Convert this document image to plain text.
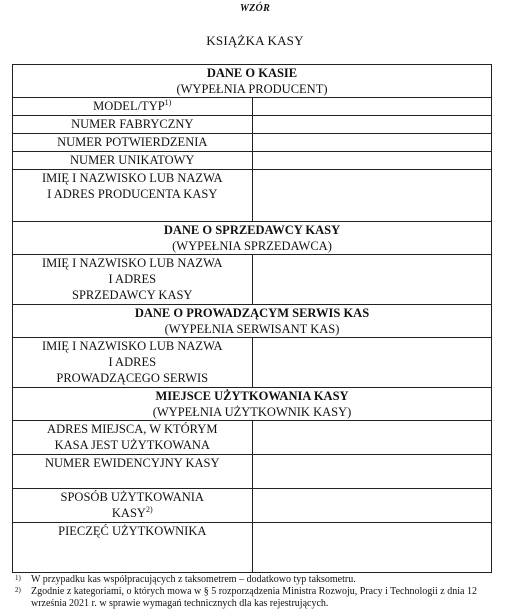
WZÓR
KSIĄŻKA KASY
DANE O KASIE
(WYPEŁNIA PRODUCENT)	

MODEL/TYP$^{1)}$	
NUMER FABRYCZNY	
NUMER POTWIERDZENIA	
NUMER UNIKATOWY	

IMIĘ I NAZWISKO LUB NAZWA
I ADRES PRODUCENTA KASY	

DANE O SPRZEDAWCY KASY
(WYPEŁNIA SPRZEDAWCA)	

IMIĘ I NAZWISKO LUB NAZWA
I ADRES
SPRZEDAWCY KASY	

DANE O PROWADZĄCYM SERWIS KAS
(WYPEŁNIA SERWISANT KAS)	

IMIĘ I NAZWISKO LUB NAZWA
I ADRES
PROWADZĄCEGO SERWIS	

MIEJSCE UŻYTKOWANIA KASY
(WYPEŁNIA UŻYTKOWNIK KASY)	

ADRES MIEJSCA, W KTÓRYM
KASA JEST UŻYTKOWANA	

NUMER EWIDENCYJNY KASY	

SPOSÓB UŻYTKOWANIA
KASY$^{2)}$

PIECZĘĆ UŻYTKOWNIKA	
1)	W przypadku kas współpracujących z taksometrem – dodatkowo typ taksometru.
2)	Zgodnie z kategoriami, o których mowa w § 5 rozporządzenia Ministra Rozwoju, Pracy i Technologii z dnia 12 września 2021 r. w sprawie wymagań technicznych dla kas rejestrujących.
